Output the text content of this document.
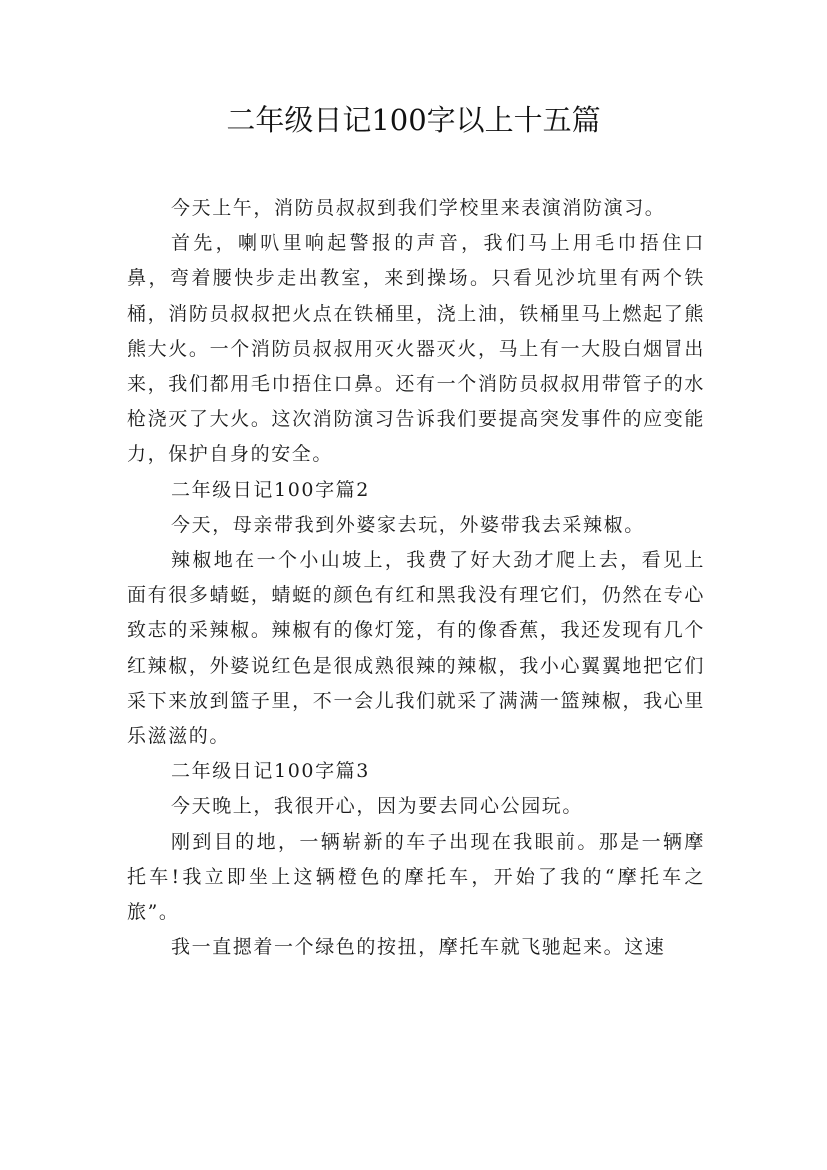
二年级日记100字以上十五篇

今天上午，消防员叔叔到我们学校里来表演消防演习。

首先，喇叭里响起警报的声音，我们马上用毛巾捂住口鼻，弯着腰快步走出教室，来到操场。只看见沙坑里有两个铁桶，消防员叔叔把火点在铁桶里，浇上油，铁桶里马上燃起了熊熊大火。一个消防员叔叔用灭火器灭火，马上有一大股白烟冒出来，我们都用毛巾捂住口鼻。还有一个消防员叔叔用带管子的水枪浇灭了大火。这次消防演习告诉我们要提高突发事件的应变能力，保护自身的安全。

二年级日记100字篇2

今天，母亲带我到外婆家去玩，外婆带我去采辣椒。

辣椒地在一个小山坡上，我费了好大劲才爬上去，看见上面有很多蜻蜓，蜻蜓的颜色有红和黑我没有理它们，仍然在专心致志的采辣椒。辣椒有的像灯笼，有的像香蕉，我还发现有几个红辣椒，外婆说红色是很成熟很辣的辣椒，我小心翼翼地把它们采下来放到篮子里，不一会儿我们就采了满满一篮辣椒，我心里乐滋滋的。

二年级日记100字篇3

今天晚上，我很开心，因为要去同心公园玩。

刚到目的地，一辆崭新的车子出现在我眼前。那是一辆摩托车!我立即坐上这辆橙色的摩托车，开始了我的“摩托车之旅”。

我一直摁着一个绿色的按扭，摩托车就飞驰起来。这速
